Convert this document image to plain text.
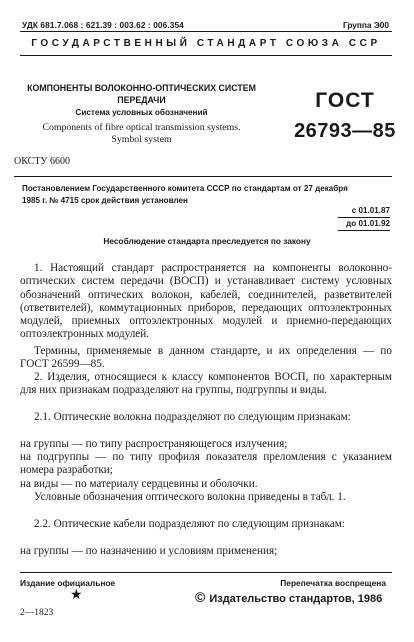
УДК 681.7.068 : 621.39 : 003.62 : 006.354	Группа Э00
ГОСУДАРСТВЕННЫЙ СТАНДАРТ СОЮЗА ССР
КОМПОНЕНТЫ ВОЛОКОННО-ОПТИЧЕСКИХ СИСТЕМ
ПЕРЕДАЧИ
Система условных обозначений
Components of fibre optical transmission systems.
Symbol system
ГОСТ
26793—85
ОКСТУ 6600
Постановлением Государственного комитета СССР по стандартам от 27 декабря
1985 г. № 4715 срок действия установлен
с 01.01.87
до 01.01.92
Несоблюдение стандарта преследуется по закону
1. Настоящий стандарт распространяется на компоненты волоконно-оптических систем передачи (ВОСП) и устанавливает систему условных обозначений оптических волокон, кабелей, соединителей, разветвителей (ответвителей), коммутационных приборов, передающих оптоэлектронных модулей, приемных оптоэлектронных модулей и приемно-передающих оптоэлектронных модулей.
Термины, применяемые в данном стандарте, и их определения — по ГОСТ 26599—85.
2. Изделия, относящиеся к классу компонентов ВОСП, по характерным для них признакам подразделяют на группы, подгруппы и виды.
2.1. Оптические волокна подразделяют по следующим признакам:
на группы — по типу распространяющегося излучения;
на подгруппы — по типу профиля показателя преломления с указанием номера разработки;
на виды — по материалу сердцевины и оболочки.
Условные обозначения оптического волокна приведены в табл. 1.
2.2. Оптические кабели подразделяют по следующим признакам:
на группы — по назначению и условиям применения;
Издание официальное	Перепечатка воспрещена
★	© Издательство стандартов, 1986
2—1823
